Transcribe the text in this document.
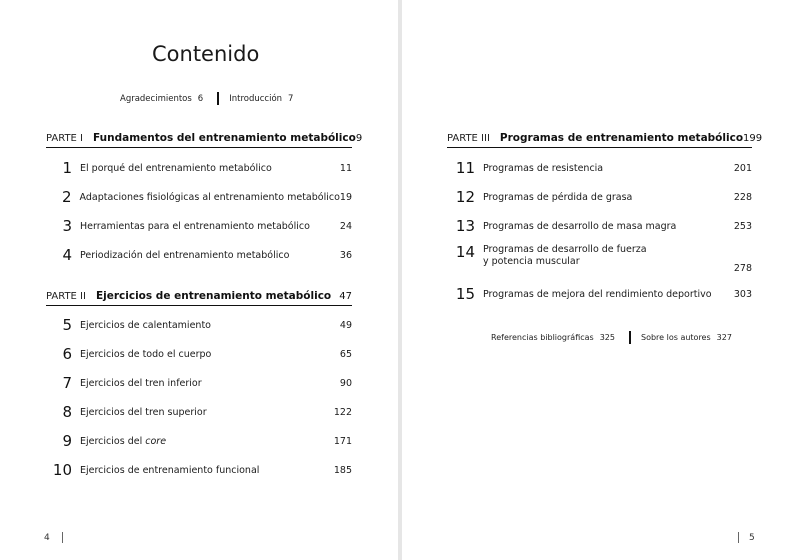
Contenido
Agradecimientos 6	Introducción 7
PARTE I Fundamentos del entrenamiento metabólico 9
1 El porqué del entrenamiento metabólico	11
2 Adaptaciones fisiológicas al entrenamiento metabólico 19
3 Herramientas para el entrenamiento metabólico	24
4 Periodización del entrenamiento metabólico	36
PARTE II Ejercicios de entrenamiento metabólico 47
5 Ejercicios de calentamiento	49
6 Ejercicios de todo el cuerpo	65
7 Ejercicios del tren inferior	90
8 Ejercicios del tren superior	122
9 Ejercicios del core	171
10 Ejercicios de entrenamiento funcional	185
PARTE III Programas de entrenamiento metabólico 199
11 Programas de resistencia	201
12 Programas de pérdida de grasa	228
13 Programas de desarrollo de masa magra	253
14 Programas de desarrollo de fuerza
y potencia muscular
278
15 Programas de mejora del rendimiento deportivo 303
Referencias bibliográficas 325	Sobre los autores 327
4	5
